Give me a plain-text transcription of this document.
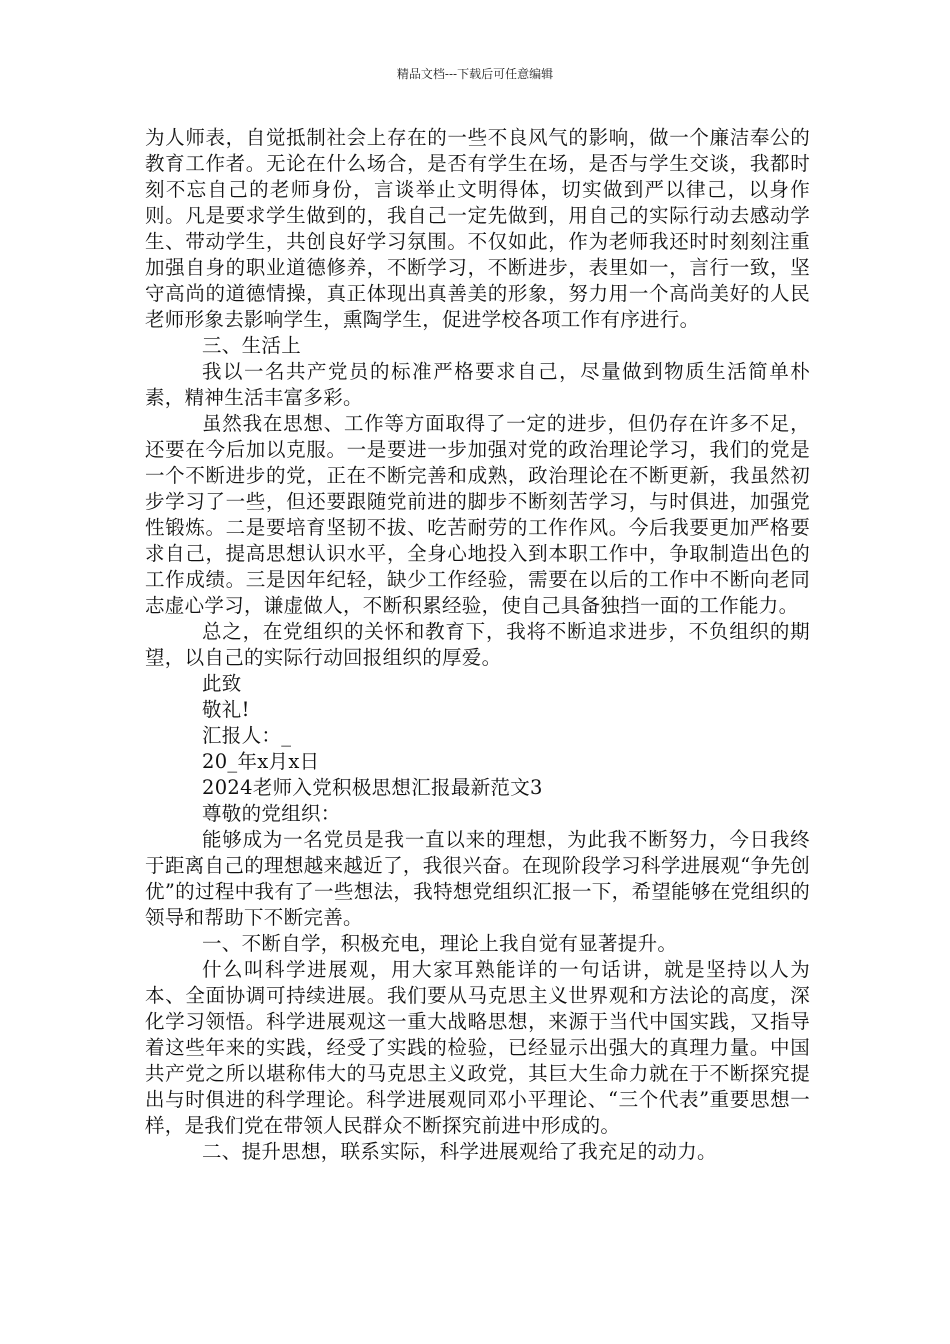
精品文档---下载后可任意编辑

为人师表，自觉抵制社会上存在的一些不良风气的影响，做一个廉洁奉公的教育工作者。无论在什么场合，是否有学生在场，是否与学生交谈，我都时刻不忘自己的老师身份，言谈举止文明得体，切实做到严以律己，以身作则。凡是要求学生做到的，我自己一定先做到，用自己的实际行动去感动学生、带动学生，共创良好学习氛围。不仅如此，作为老师我还时时刻刻注重加强自身的职业道德修养，不断学习，不断进步，表里如一，言行一致，坚守高尚的道德情操，真正体现出真善美的形象，努力用一个高尚美好的人民老师形象去影响学生，熏陶学生，促进学校各项工作有序进行。

三、生活上

我以一名共产党员的标准严格要求自己，尽量做到物质生活简单朴素，精神生活丰富多彩。

虽然我在思想、工作等方面取得了一定的进步，但仍存在许多不足，还要在今后加以克服。一是要进一步加强对党的政治理论学习，我们的党是一个不断进步的党，正在不断完善和成熟，政治理论在不断更新，我虽然初步学习了一些，但还要跟随党前进的脚步不断刻苦学习，与时俱进，加强党性锻炼。二是要培育坚韧不拔、吃苦耐劳的工作作风。今后我要更加严格要求自己，提高思想认识水平，全身心地投入到本职工作中，争取制造出色的工作成绩。三是因年纪轻，缺少工作经验，需要在以后的工作中不断向老同志虚心学习，谦虚做人，不断积累经验，使自己具备独挡一面的工作能力。

总之，在党组织的关怀和教育下，我将不断追求进步，不负组织的期望，以自己的实际行动回报组织的厚爱。

此致

敬礼!

汇报人：_

20_年x月x日

2024老师入党积极思想汇报最新范文3

尊敬的党组织：

能够成为一名党员是我一直以来的理想，为此我不断努力，今日我终于距离自己的理想越来越近了，我很兴奋。在现阶段学习科学进展观“争先创优”的过程中我有了一些想法，我特想党组织汇报一下，希望能够在党组织的领导和帮助下不断完善。

一、不断自学，积极充电，理论上我自觉有显著提升。

什么叫科学进展观，用大家耳熟能详的一句话讲，就是坚持以人为本、全面协调可持续进展。我们要从马克思主义世界观和方法论的高度，深化学习领悟。科学进展观这一重大战略思想，来源于当代中国实践，又指导着这些年来的实践，经受了实践的检验，已经显示出强大的真理力量。中国共产党之所以堪称伟大的马克思主义政党，其巨大生命力就在于不断探究提出与时俱进的科学理论。科学进展观同邓小平理论、“三个代表”重要思想一样，是我们党在带领人民群众不断探究前进中形成的。

二、提升思想，联系实际，科学进展观给了我充足的动力。
